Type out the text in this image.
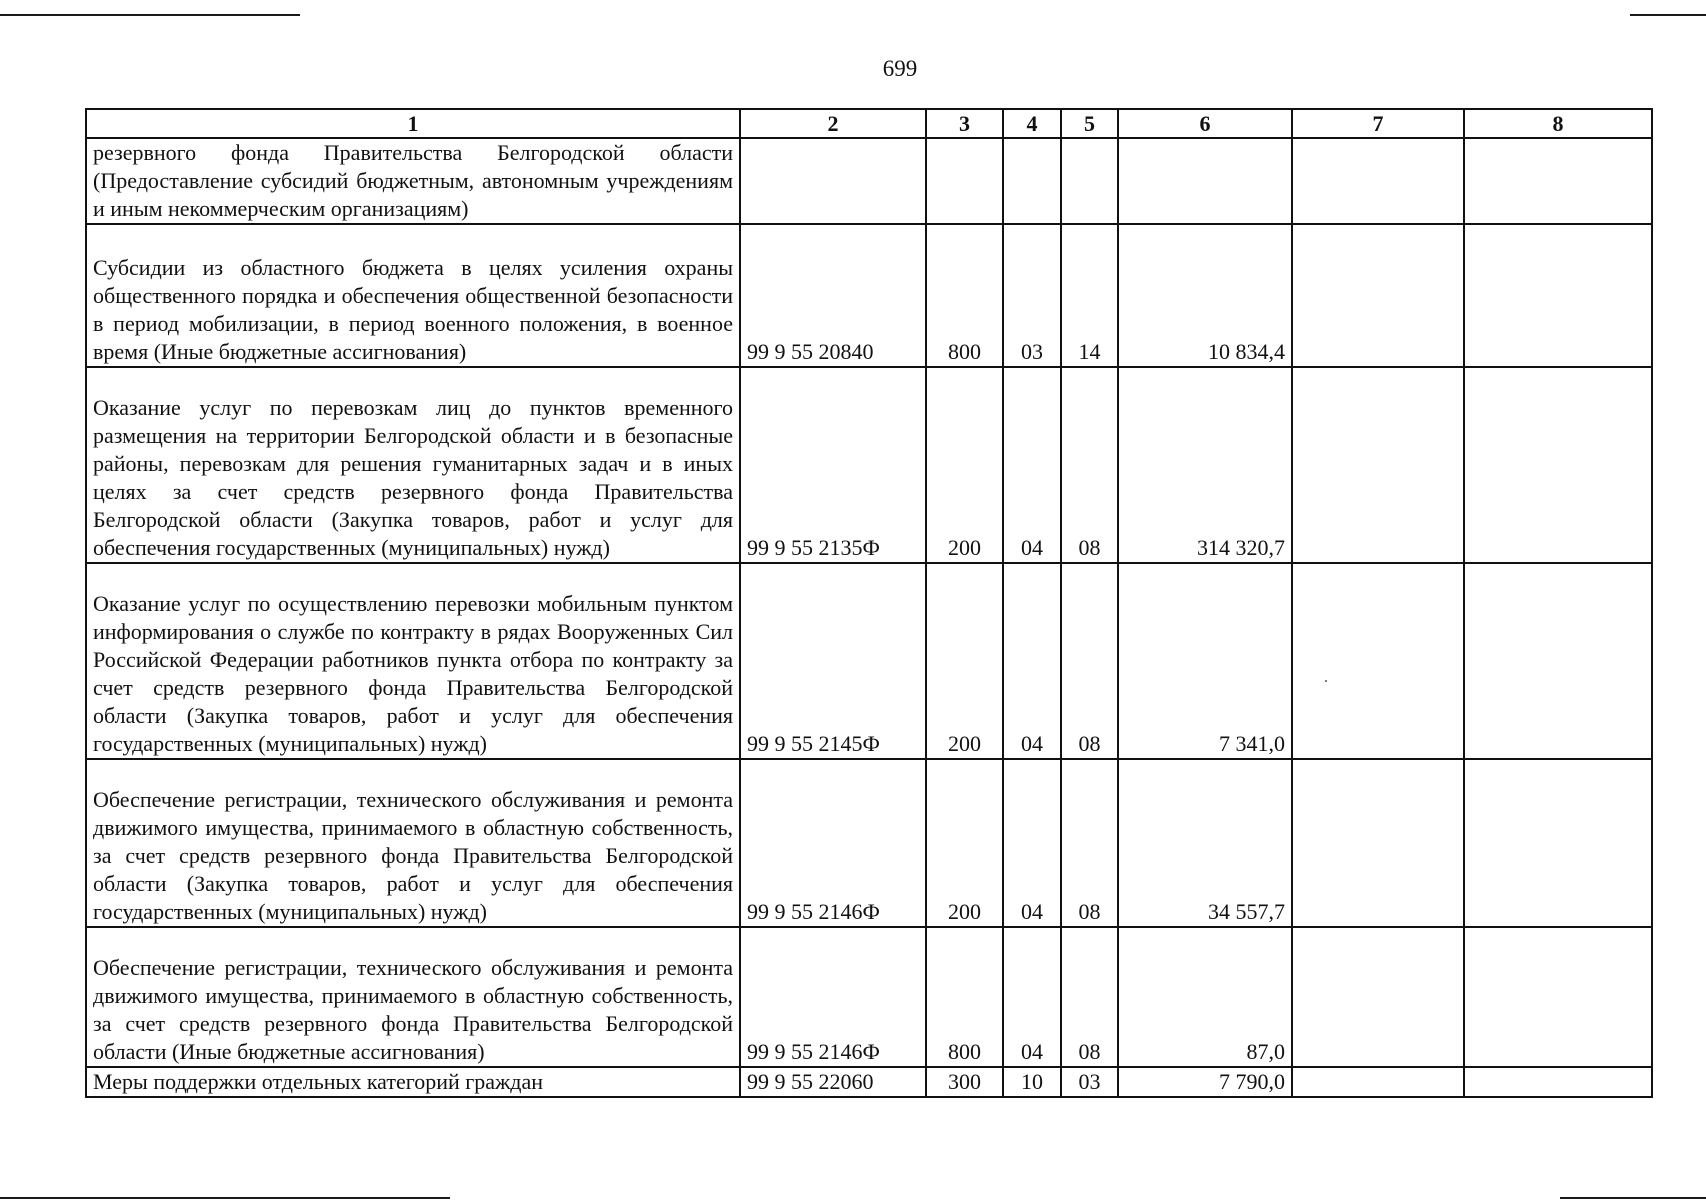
699
1	2	3	4	5	6	7	8
резервного фонда Правительства Белгородской области (Предоставление субсидий бюджетным, автономным учреждениям и иным некоммерческим организациям)							
Субсидии из областного бюджета в целях усиления охраны общественного порядка и обеспечения общественной безопасности в период мобилизации, в период военного положения, в военное время (Иные бюджетные ассигнования)	99 9 55 20840	800	03	14	10 834,4		
Оказание услуг по перевозкам лиц до пунктов временного размещения на территории Белгородской области и в безопасные районы, перевозкам для решения гуманитарных задач и в иных целях за счет средств резервного фонда Правительства Белгородской области (Закупка товаров, работ и услуг для обеспечения государственных (муниципальных) нужд)	99 9 55 2135Ф	200	04	08	314 320,7		
Оказание услуг по осуществлению перевозки мобильным пунктом информирования о службе по контракту в рядах Вооруженных Сил Российской Федерации работников пункта отбора по контракту за счет средств резервного фонда Правительства Белгородской области (Закупка товаров, работ и услуг для обеспечения государственных (муниципальных) нужд)	99 9 55 2145Ф	200	04	08	7 341,0		
Обеспечение регистрации, технического обслуживания и ремонта движимого имущества, принимаемого в областную собственность, за счет средств резервного фонда Правительства Белгородской области (Закупка товаров, работ и услуг для обеспечения государственных (муниципальных) нужд)	99 9 55 2146Ф	200	04	08	34 557,7		
Обеспечение регистрации, технического обслуживания и ремонта движимого имущества, принимаемого в областную собственность, за счет средств резервного фонда Правительства Белгородской области (Иные бюджетные ассигнования)	99 9 55 2146Ф	800	04	08	87,0		
Меры поддержки отдельных категорий граждан	99 9 55 22060	300	10	03	7 790,0		
